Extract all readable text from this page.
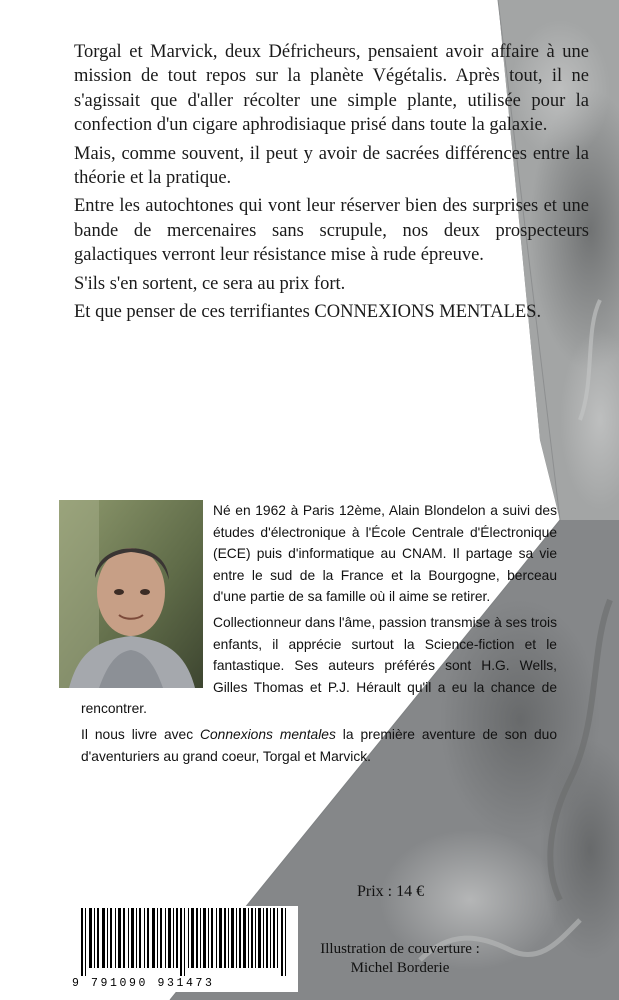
Torgal et Marvick, deux Défricheurs, pensaient avoir affaire à une mission de tout repos sur la planète Végétalis. Après tout, il ne s'agissait que d'aller récolter une simple plante, utilisée pour la confection d'un cigare aphrodisiaque prisé dans toute la galaxie.

Mais, comme souvent, il peut y avoir de sacrées différences entre la théorie et la pratique.

Entre les autochtones qui vont leur réserver bien des surprises et une bande de mercenaires sans scrupule, nos deux prospecteurs galactiques verront leur résistance mise à rude épreuve.

S'ils s'en sortent, ce sera au prix fort.

Et que penser de ces terrifiantes CONNEXIONS MENTALES.

Né en 1962 à Paris 12ème, Alain Blondelon a suivi des études d'électronique à l'École Centrale d'Électronique (ECE) puis d'informatique au CNAM. Il partage sa vie entre le sud de la France et la Bourgogne, berceau d'une partie de sa famille où il aime se retirer.

Collectionneur dans l'âme, passion transmise à ses trois enfants, il apprécie surtout la Science-fiction et le fantastique. Ses auteurs préférés sont H.G. Wells, Gilles Thomas et P.J. Hérault qu'il a eu la chance de rencontrer.

Il nous livre avec Connexions mentales la première aventure de son duo d'aventuriers au grand coeur, Torgal et Marvick.

Prix : 14 €
9 791090 931473
Illustration de couverture :
Michel Borderie
